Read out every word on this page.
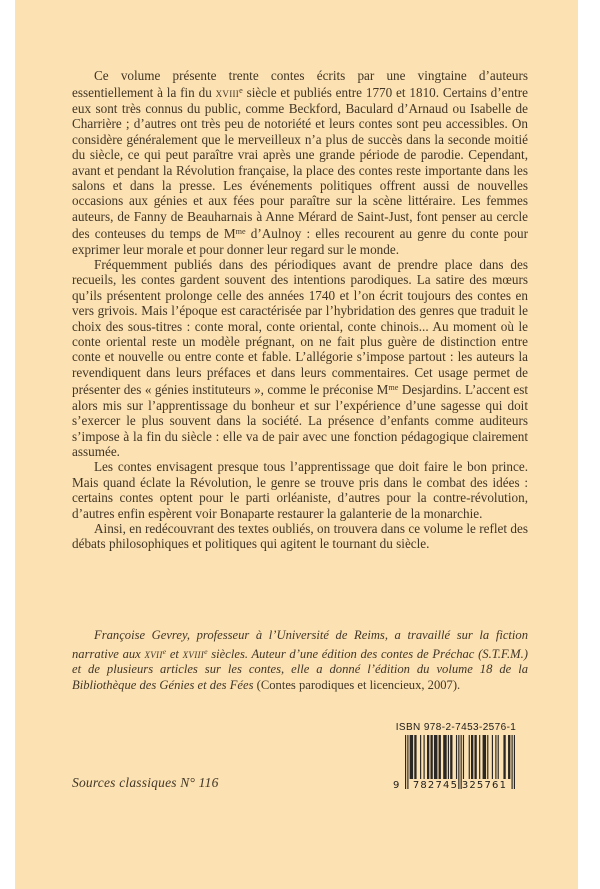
Ce volume présente trente contes écrits par une vingtaine d’auteurs essentiellement à la fin du xviii$^e$ siècle et publiés entre 1770 et 1810. Certains d’entre eux sont très connus du public, comme Beckford, Baculard d’Arnaud ou Isabelle de Charrière ; d’autres ont très peu de notoriété et leurs contes sont peu accessibles. On considère généralement que le merveilleux n’a plus de succès dans la seconde moitié du siècle, ce qui peut paraître vrai après une grande période de parodie. Cependant, avant et pendant la Révolution française, la place des contes reste importante dans les salons et dans la presse. Les événements politiques offrent aussi de nouvelles occasions aux génies et aux fées pour paraître sur la scène littéraire. Les femmes auteurs, de Fanny de Beauharnais à Anne Mérard de Saint-Just, font penser au cercle des conteuses du temps de $M^{me}$ d’Aulnoy : elles recourent au genre du conte pour exprimer leur morale et pour donner leur regard sur le monde.

Fréquemment publiés dans des périodiques avant de prendre place dans des recueils, les contes gardent souvent des intentions parodiques. La satire des mœurs qu’ils présentent prolonge celle des années 1740 et l’on écrit toujours des contes en vers grivois. Mais l’époque est caractérisée par l’hybridation des genres que traduit le choix des sous-titres : conte moral, conte oriental, conte chinois... Au moment où le conte oriental reste un modèle prégnant, on ne fait plus guère de distinction entre conte et nouvelle ou entre conte et fable. L’allégorie s’impose partout : les auteurs la revendiquent dans leurs préfaces et dans leurs commentaires. Cet usage permet de présenter des « génies instituteurs », comme le préconise $M^{me}$ Desjardins. L’accent est alors mis sur l’apprentissage du bonheur et sur l’expérience d’une sagesse qui doit s’exercer le plus souvent dans la société. La présence d’enfants comme auditeurs s’impose à la fin du siècle : elle va de pair avec une fonction pédagogique clairement assumée.

Les contes envisagent presque tous l’apprentissage que doit faire le bon prince. Mais quand éclate la Révolution, le genre se trouve pris dans le combat des idées : certains contes optent pour le parti orléaniste, d’autres pour la contre-révolution, d’autres enfin espèrent voir Bonaparte restaurer la galanterie de la monarchie.

Ainsi, en redécouvrant des textes oubliés, on trouvera dans ce volume le reflet des débats philosophiques et politiques qui agitent le tournant du siècle.

Françoise Gevrey, professeur à l’Université de Reims, a travaillé sur la fiction narrative aux xvii$^e$ et xviii$^e$ siècles. Auteur d’une édition des contes de Préchac (S.T.F.M.) et de plusieurs articles sur les contes, elle a donné l’édition du volume 18 de la Bibliothèque des Génies et des Fées (Contes parodiques et licencieux, 2007).
ISBN 978-2-7453-2576-1
9 782745 325761
Sources classiques N° 116
